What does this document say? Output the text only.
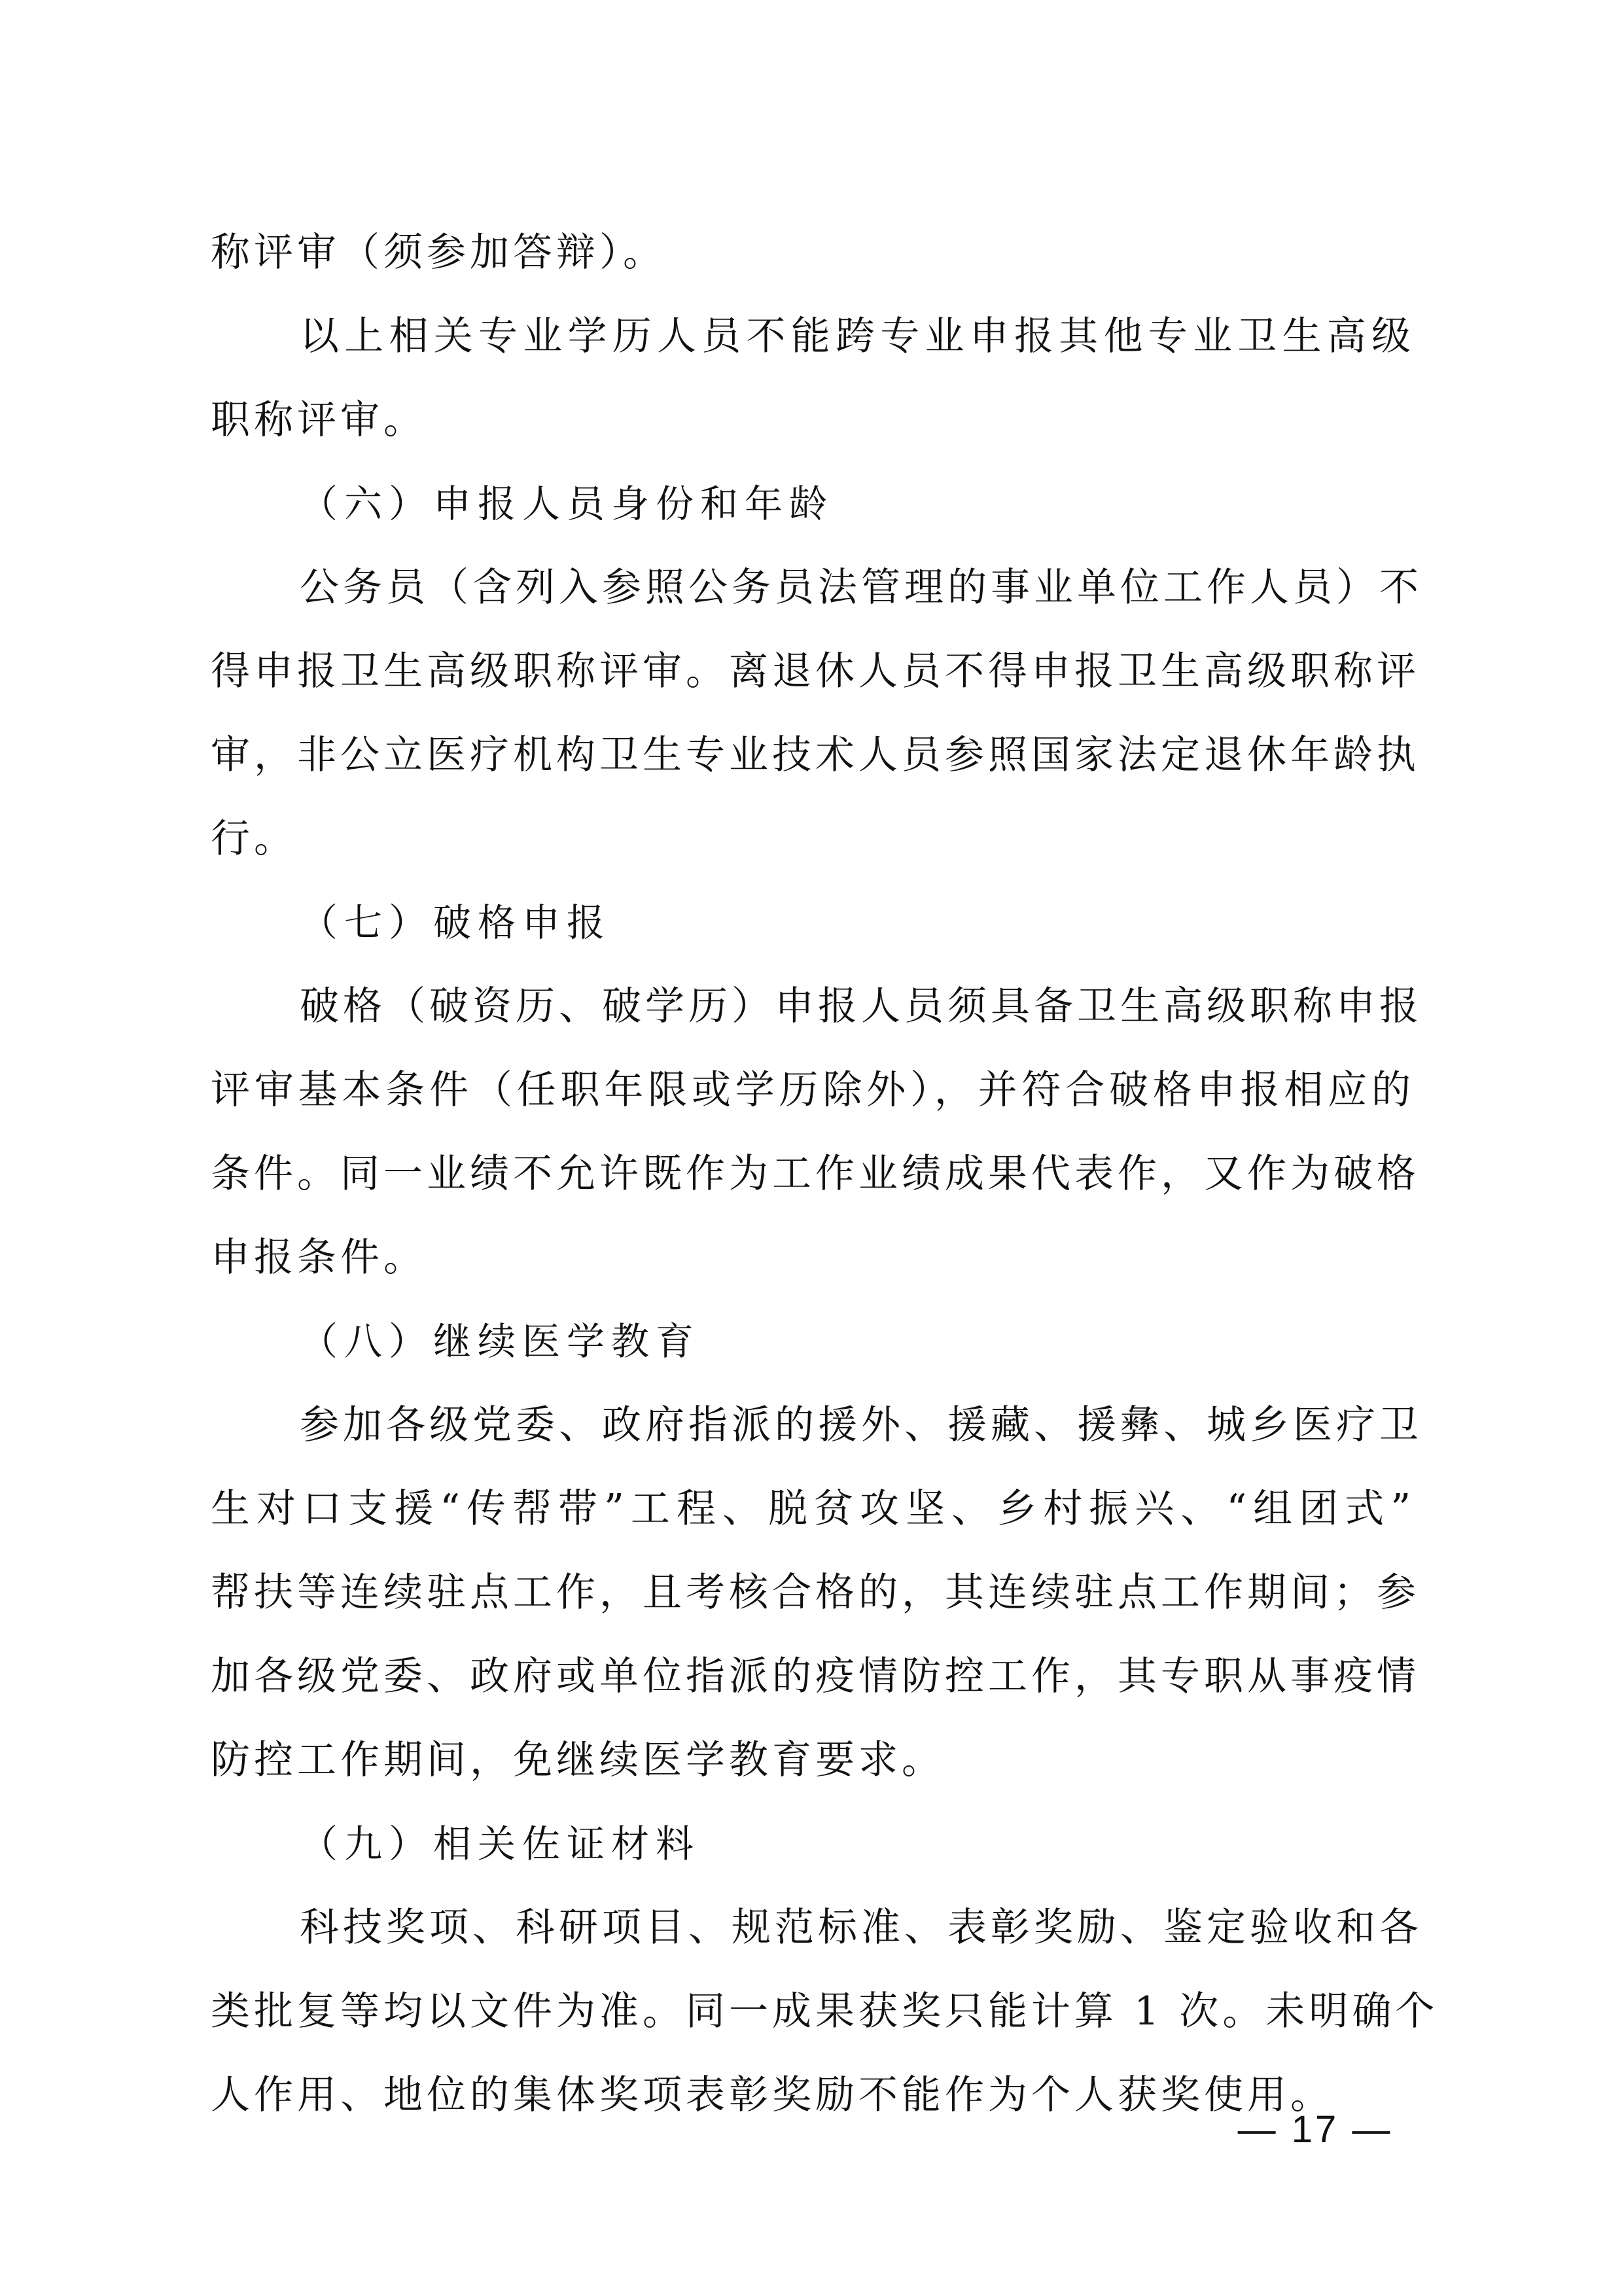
称评审（须参加答辩）。
以上相关专业学历人员不能跨专业申报其他专业卫生高级
职称评审。
（六）申报人员身份和年龄
公务员（含列入参照公务员法管理的事业单位工作人员）不
得申报卫生高级职称评审。离退休人员不得申报卫生高级职称评
审，非公立医疗机构卫生专业技术人员参照国家法定退休年龄执
行。
（七）破格申报
破格（破资历、破学历）申报人员须具备卫生高级职称申报
评审基本条件（任职年限或学历除外），并符合破格申报相应的
条件。同一业绩不允许既作为工作业绩成果代表作，又作为破格
申报条件。
（八）继续医学教育
参加各级党委、政府指派的援外、援藏、援彝、城乡医疗卫
生对口支援“传帮带”工程、脱贫攻坚、乡村振兴、“组团式”
帮扶等连续驻点工作，且考核合格的，其连续驻点工作期间；参
加各级党委、政府或单位指派的疫情防控工作，其专职从事疫情
防控工作期间，免继续医学教育要求。
（九）相关佐证材料
科技奖项、科研项目、规范标准、表彰奖励、鉴定验收和各
类批复等均以文件为准。同一成果获奖只能计算 1 次。未明确个
人作用、地位的集体奖项表彰奖励不能作为个人获奖使用。
— 17 —
